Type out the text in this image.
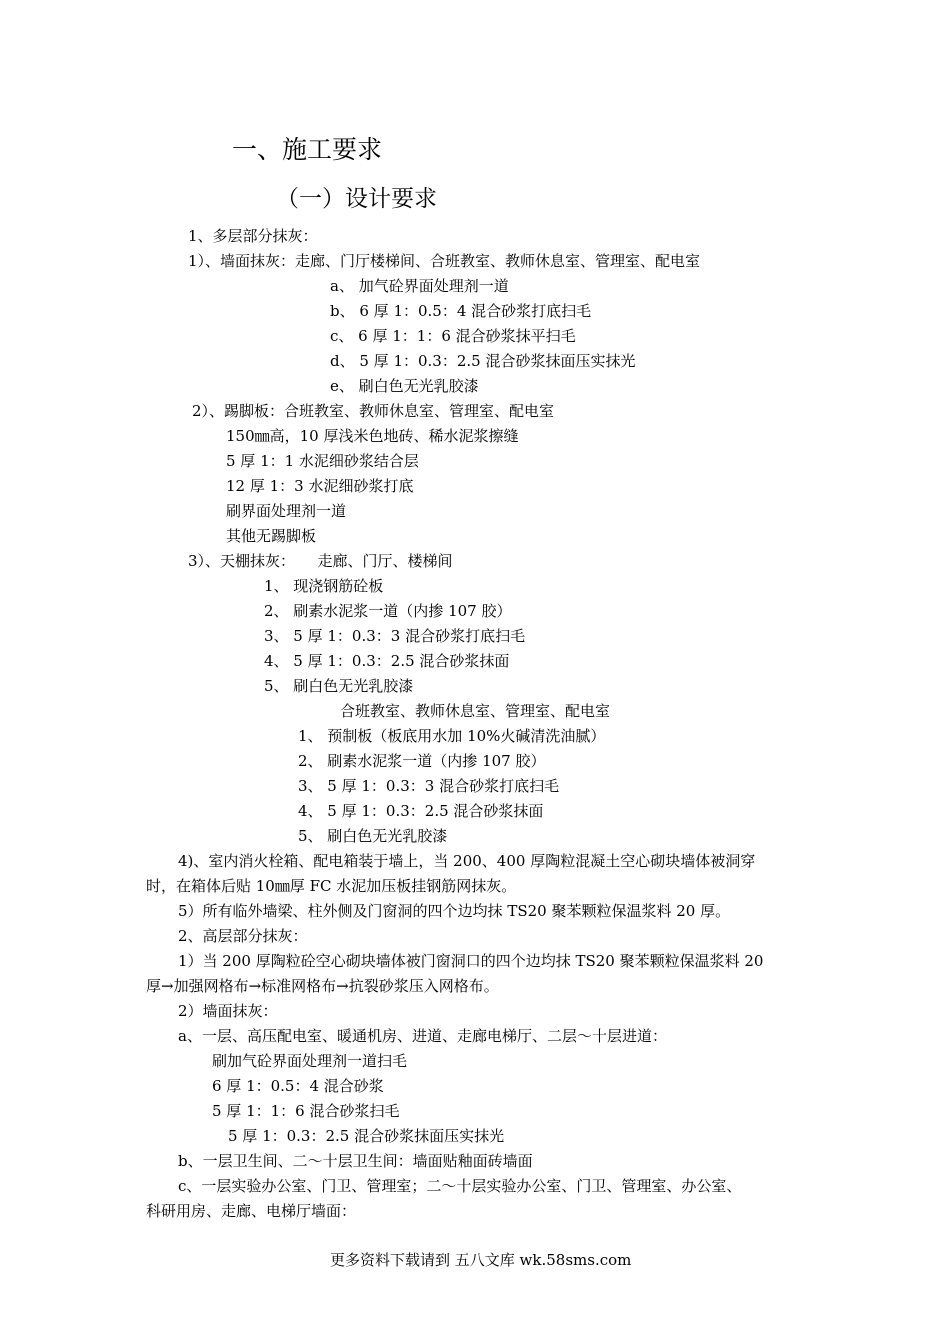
一、施工要求
（一）设计要求
1、多层部分抹灰：
1）、墙面抹灰：走廊、门厅楼梯间、合班教室、教师休息室、管理室、配电室
a、 加气砼界面处理剂一道
b、 6 厚 1：0.5：4 混合砂浆打底扫毛
c、 6 厚 1：1：6 混合砂浆抹平扫毛
d、 5 厚 1：0.3：2.5 混合砂浆抹面压实抹光
e、 刷白色无光乳胶漆
2）、踢脚板：合班教室、教师休息室、管理室、配电室
150㎜高，10 厚浅米色地砖、稀水泥浆擦缝
5 厚 1：1 水泥细砂浆结合层
12 厚 1：3 水泥细砂浆打底
刷界面处理剂一道
其他无踢脚板
3）、天棚抹灰：　　走廊、门厅、楼梯间
1、 现浇钢筋砼板
2、 刷素水泥浆一道（内掺 107 胶）
3、 5 厚 1：0.3：3 混合砂浆打底扫毛
4、 5 厚 1：0.3：2.5 混合砂浆抹面
5、 刷白色无光乳胶漆
合班教室、教师休息室、管理室、配电室
1、 预制板（板底用水加 10%火碱清洗油腻）
2、 刷素水泥浆一道（内掺 107 胶）
3、 5 厚 1：0.3：3 混合砂浆打底扫毛
4、 5 厚 1：0.3：2.5 混合砂浆抹面
5、 刷白色无光乳胶漆
4)、室内消火栓箱、配电箱装于墙上，当 200、400 厚陶粒混凝土空心砌块墙体被洞穿
时，在箱体后贴 10㎜厚 FC 水泥加压板挂钢筋网抹灰。
5）所有临外墙梁、柱外侧及门窗洞的四个边均抹 TS20 聚苯颗粒保温浆料 20 厚。
2、高层部分抹灰：
1）当 200 厚陶粒砼空心砌块墙体被门窗洞口的四个边均抹 TS20 聚苯颗粒保温浆料 20
厚→加强网格布→标准网格布→抗裂砂浆压入网格布。
2）墙面抹灰：
a、一层、高压配电室、暖通机房、进道、走廊电梯厅、二层～十层进道：
刷加气砼界面处理剂一道扫毛
6 厚 1：0.5：4 混合砂浆
5 厚 1：1：6 混合砂浆扫毛
5 厚 1：0.3：2.5 混合砂浆抹面压实抹光
b、一层卫生间、二～十层卫生间：墙面贴釉面砖墙面
c、一层实验办公室、门卫、管理室；二～十层实验办公室、门卫、管理室、办公室、
科研用房、走廊、电梯厅墙面：
更多资料下载请到 五八文库 wk.58sms.com
